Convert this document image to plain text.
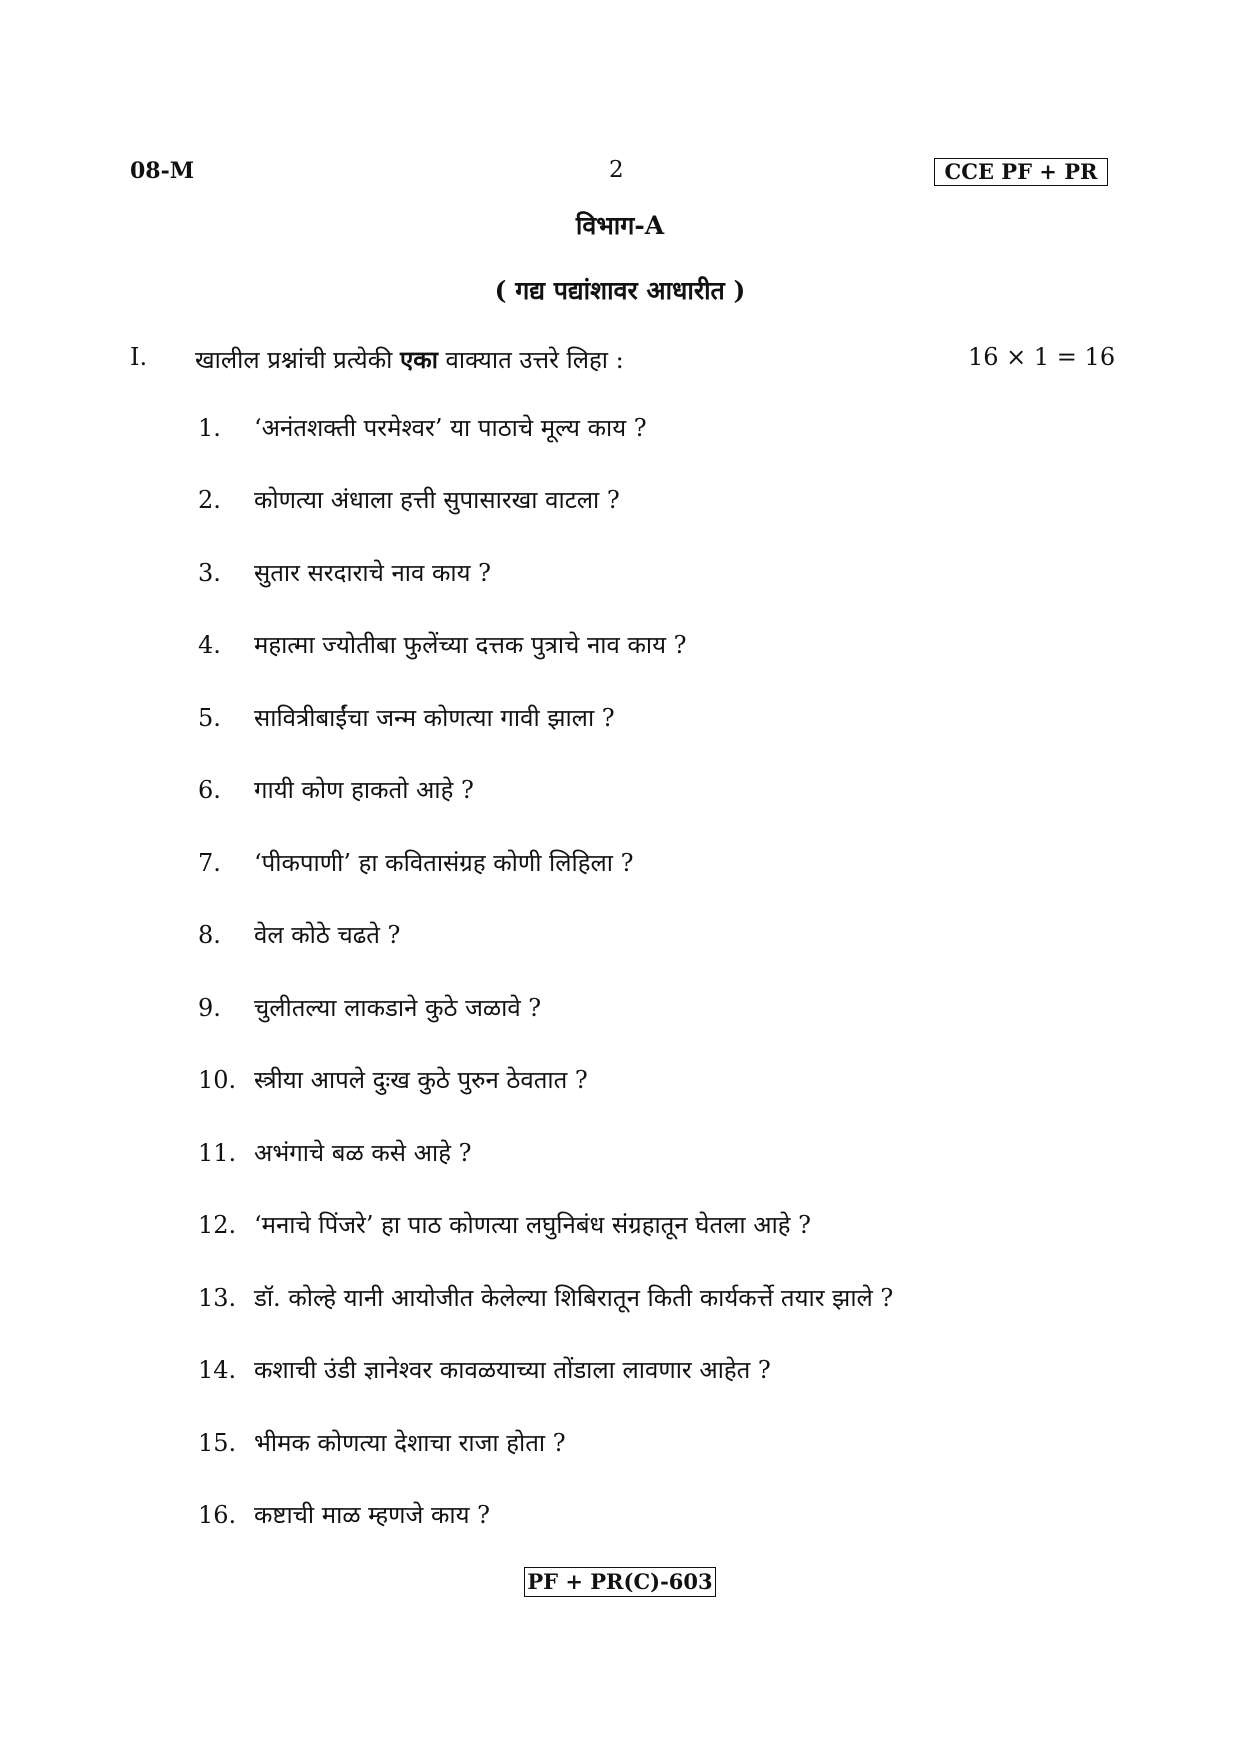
08-M	2	CCE PF + PR
विभाग-A
( गद्य पद्यांशावर आधारीत )
I. खालील प्रश्नांची प्रत्येकी एका वाक्यात उत्तरे लिहा :	16 × 1 = 16
1. ‘अनंतशक्ती परमेश्वर’ या पाठाचे मूल्य काय ?
2. कोणत्या अंधाला हत्ती सुपासारखा वाटला ?
3. सुतार सरदाराचे नाव काय ?
4. महात्मा ज्योतीबा फुलेंच्या दत्तक पुत्राचे नाव काय ?
5. सावित्रीबाईंचा जन्म कोणत्या गावी झाला ?
6. गायी कोण हाकतो आहे ?
7. ‘पीकपाणी’ हा कवितासंग्रह कोणी लिहिला ?
8. वेल कोठे चढते ?
9. चुलीतल्या लाकडाने कुठे जळावे ?
10. स्त्रीया आपले दुःख कुठे पुरुन ठेवतात ?
11. अभंगाचे बळ कसे आहे ?
12. ‘मनाचे पिंजरे’ हा पाठ कोणत्या लघुनिबंध संग्रहातून घेतला आहे ?
13. डॉ. कोल्हे यानी आयोजीत केलेल्या शिबिरातून किती कार्यकर्त्ते तयार झाले ?
14. कशाची उंडी ज्ञानेश्वर कावळयाच्या तोंडाला लावणार आहेत ?
15. भीमक कोणत्या देशाचा राजा होता ?
16. कष्टाची माळ म्हणजे काय ?
PF + PR(C)-603
